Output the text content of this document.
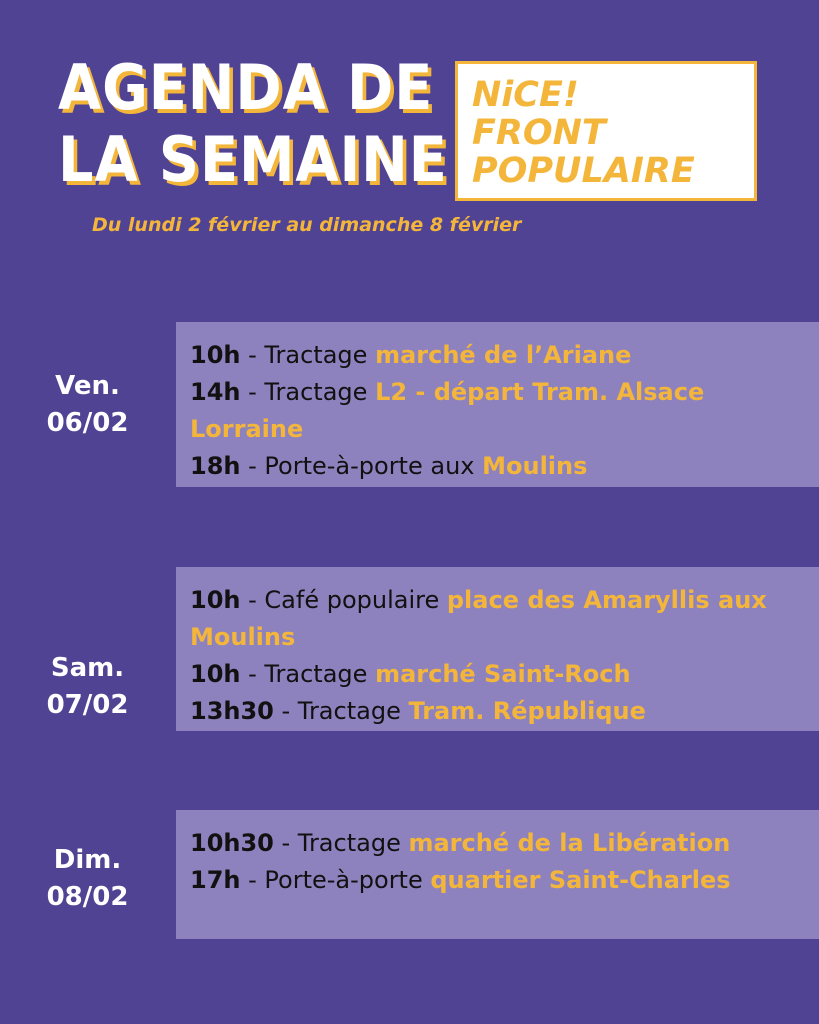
AGENDA DE
LA SEMAINE
Du lundi 2 février au dimanche 8 février
NiCE!
FRONT
POPULAIRE
Ven.
06/02
10h - Tractage marché de l’Ariane
14h - Tractage L2 - départ Tram. Alsace Lorraine
18h - Porte-à-porte aux Moulins
Sam.
07/02
10h - Café populaire place des Amaryllis aux Moulins
10h - Tractage marché Saint-Roch
13h30 - Tractage Tram. République
Dim.
08/02
10h30 - Tractage marché de la Libération
17h - Porte-à-porte quartier Saint-Charles
